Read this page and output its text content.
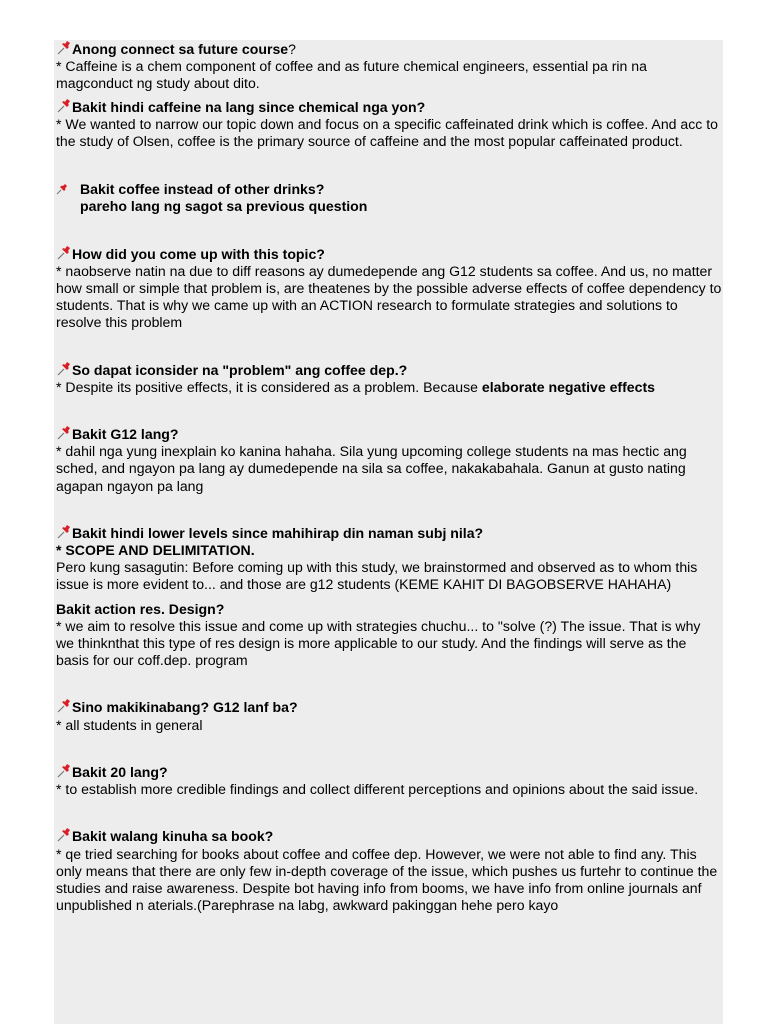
Anong connect sa future course?
* Caffeine is a chem component of coffee and as future chemical engineers, essential pa rin na magconduct ng study about dito.
Bakit hindi caffeine na lang since chemical nga yon?
* We wanted to narrow our topic down and focus on a specific caffeinated drink which is coffee. And acc to the study of Olsen, coffee is the primary source of caffeine and the most popular caffeinated product.
Bakit coffee instead of other drinks?
pareho lang ng sagot sa previous question
How did you come up with this topic?
* naobserve natin na due to diff reasons ay dumedepende ang G12 students sa coffee. And us, no matter how small or simple that problem is, are theatenes by the possible adverse effects of coffee dependency to students. That is why we came up with an ACTION research to formulate strategies and solutions to resolve this problem
So dapat iconsider na "problem" ang coffee dep.?
* Despite its positive effects, it is considered as a problem. Because elaborate negative effects
Bakit G12 lang?
* dahil nga yung inexplain ko kanina hahaha. Sila yung upcoming college students na mas hectic ang sched, and ngayon pa lang ay dumedepende na sila sa coffee, nakakabahala. Ganun at gusto nating agapan ngayon pa lang
Bakit hindi lower levels since mahihirap din naman subj nila?
* SCOPE AND DELIMITATION.
Pero kung sasagutin: Before coming up with this study, we brainstormed and observed as to whom this issue is more evident to... and those are g12 students (KEME KAHIT DI BAGOBSERVE HAHAHA)
Bakit action res. Design?
* we aim to resolve this issue and come up with strategies chuchu... to "solve (?) The issue. That is why we thinknthat this type of res design is more applicable to our study. And the findings will serve as the basis for our coff.dep. program
Sino makikinabang? G12 lanf ba?
* all students in general
Bakit 20 lang?
* to establish more credible findings and collect different perceptions and opinions about the said issue.
Bakit walang kinuha sa book?
* qe tried searching for books about coffee and coffee dep. However, we were not able to find any. This only means that there are only few in-depth coverage of the issue, which pushes us furtehr to continue the studies and raise awareness. Despite bot having info from booms, we have info from online journals anf unpublished n aterials.(Parephrase na labg, awkward pakinggan hehe pero kayo
